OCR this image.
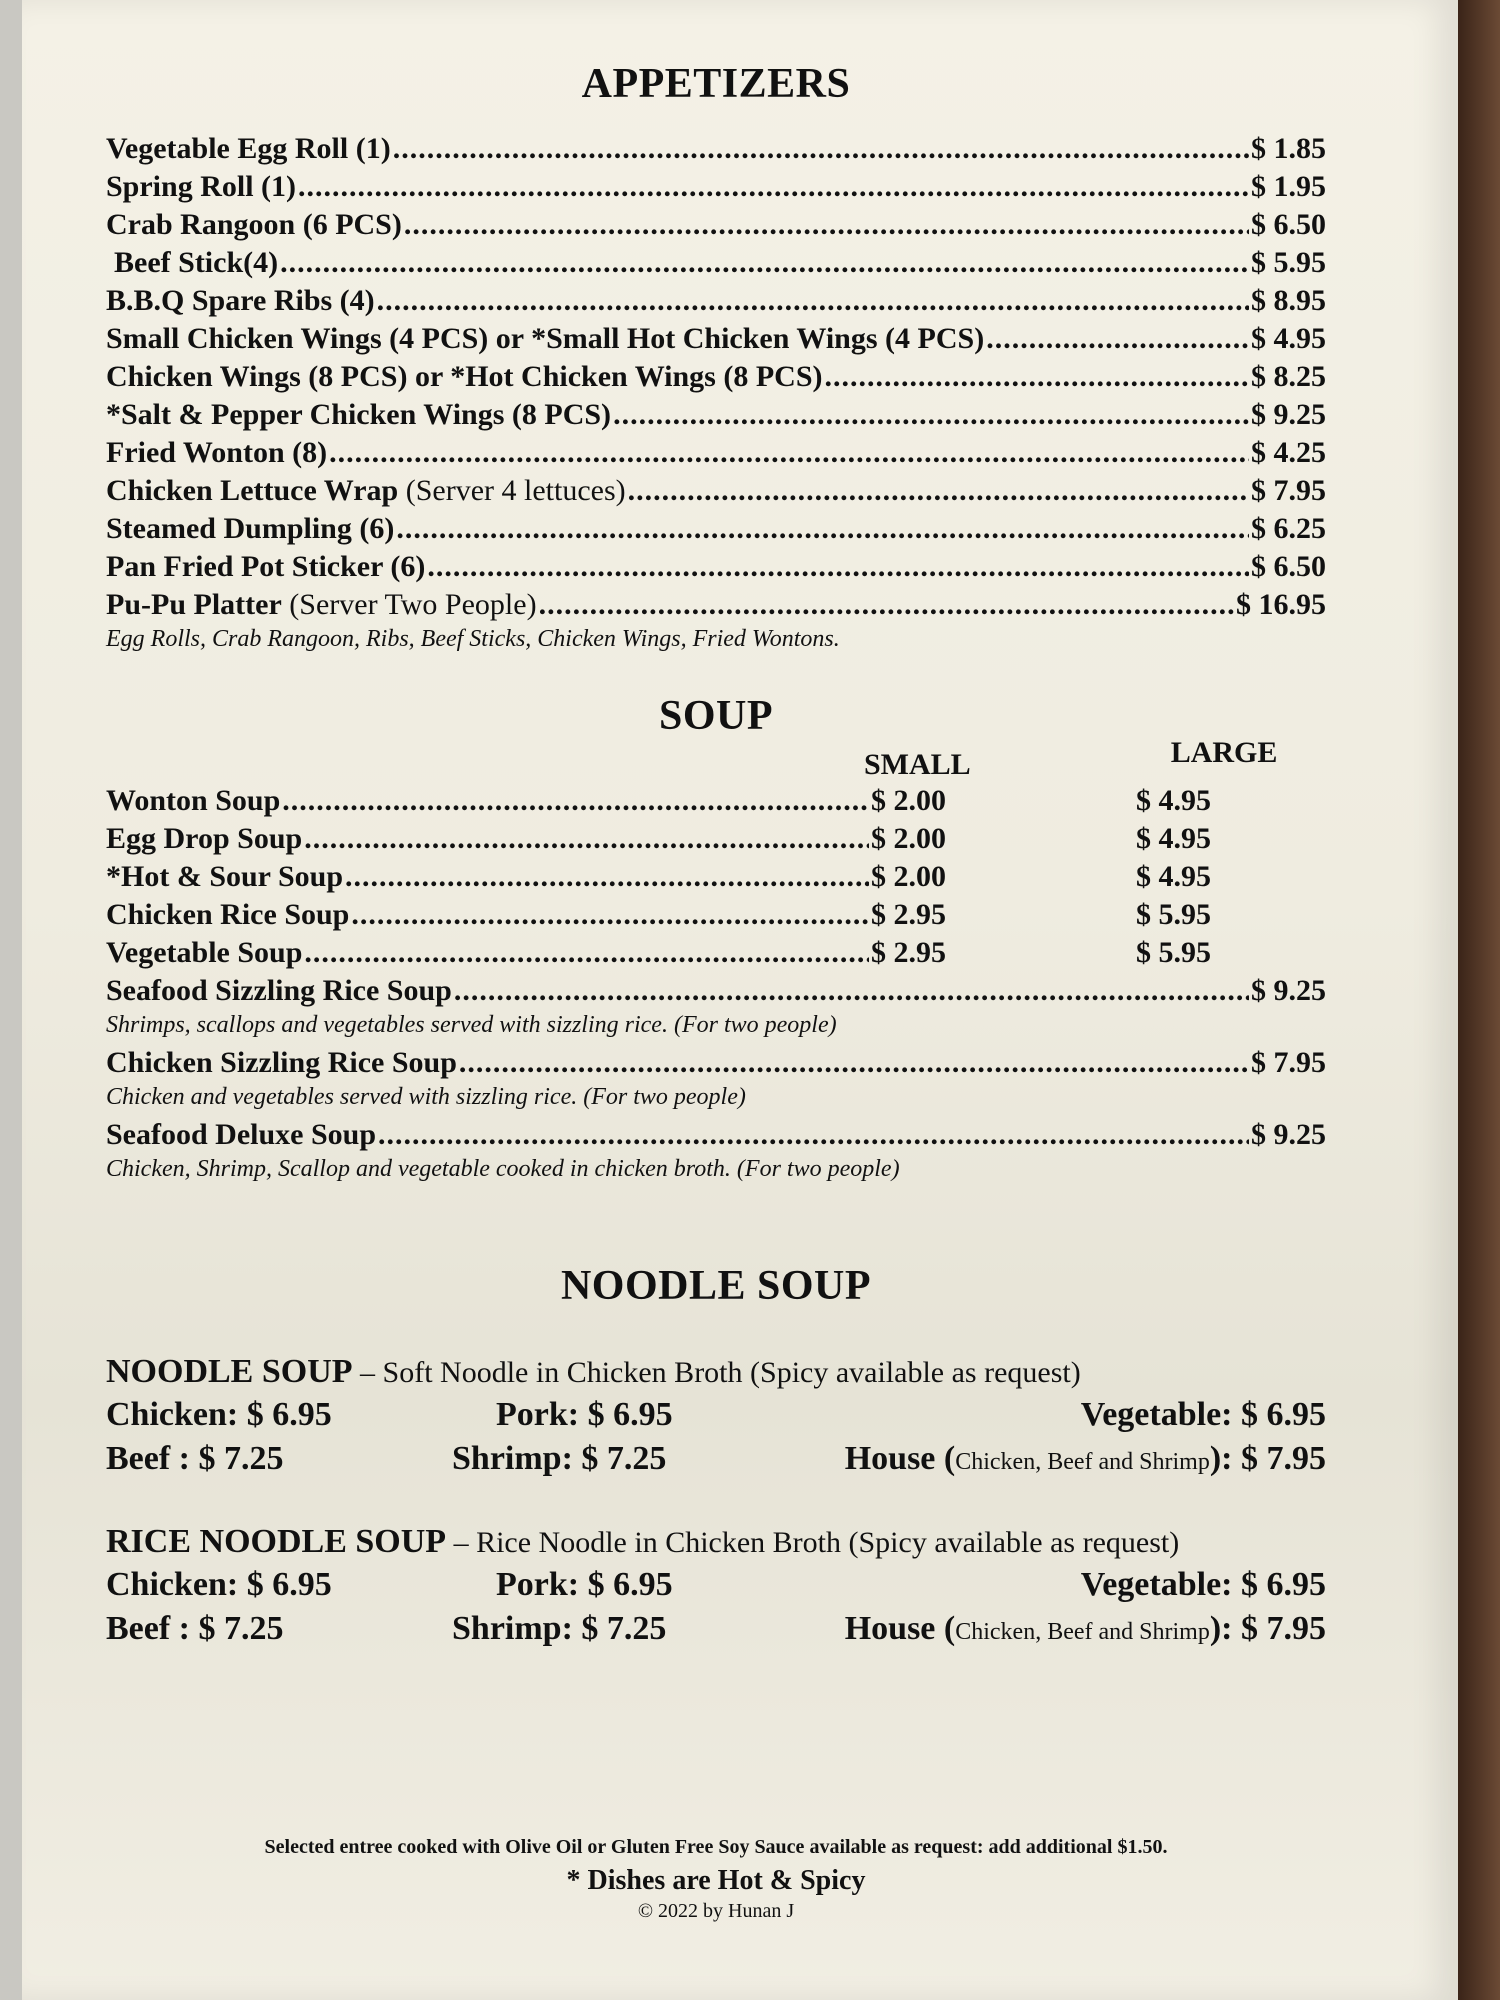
APPETIZERS
Vegetable Egg Roll (1) .....	$ 1.85
Spring Roll (1) .....	$ 1.95
Crab Rangoon (6 PCS) .....	$ 6.50
Beef Stick(4) .....	$ 5.95
B.B.Q Spare Ribs (4) .....	$ 8.95
Small Chicken Wings (4 PCS) or *Small Hot Chicken Wings (4 PCS) .....	$ 4.95
Chicken Wings (8 PCS) or *Hot Chicken Wings (8 PCS) .....	$ 8.25
*Salt & Pepper Chicken Wings (8 PCS) .....	$ 9.25
Fried Wonton (8) .....	$ 4.25
Chicken Lettuce Wrap (Server 4 lettuces) .....	$ 7.95
Steamed Dumpling (6) .....	$ 6.25
Pan Fried Pot Sticker (6) .....	$ 6.50
Pu-Pu Platter (Server Two People) .....	$ 16.95
Egg Rolls, Crab Rangoon, Ribs, Beef Sticks, Chicken Wings, Fried Wontons.
SOUP
SMALL	LARGE
Wonton Soup .....	$ 2.00	$ 4.95
Egg Drop Soup .....	$ 2.00	$ 4.95
*Hot & Sour Soup .....	$ 2.00	$ 4.95
Chicken Rice Soup .....	$ 2.95	$ 5.95
Vegetable Soup .....	$ 2.95	$ 5.95
Seafood Sizzling Rice Soup .....	$ 9.25
Shrimps, scallops and vegetables served with sizzling rice. (For two people)
Chicken Sizzling Rice Soup .....	$ 7.95
Chicken and vegetables served with sizzling rice. (For two people)
Seafood Deluxe Soup .....	$ 9.25
Chicken, Shrimp, Scallop and vegetable cooked in chicken broth. (For two people)
NOODLE SOUP
NOODLE SOUP – Soft Noodle in Chicken Broth (Spicy available as request)
Chicken: $ 6.95	Pork: $ 6.95	Vegetable: $ 6.95
Beef : $ 7.25	Shrimp: $ 7.25	House (Chicken, Beef and Shrimp): $ 7.95
RICE NOODLE SOUP – Rice Noodle in Chicken Broth (Spicy available as request)
Chicken: $ 6.95	Pork: $ 6.95	Vegetable: $ 6.95
Beef : $ 7.25	Shrimp: $ 7.25	House (Chicken, Beef and Shrimp): $ 7.95
Selected entree cooked with Olive Oil or Gluten Free Soy Sauce available as request: add additional $1.50.
* Dishes are Hot & Spicy
© 2022 by Hunan J
